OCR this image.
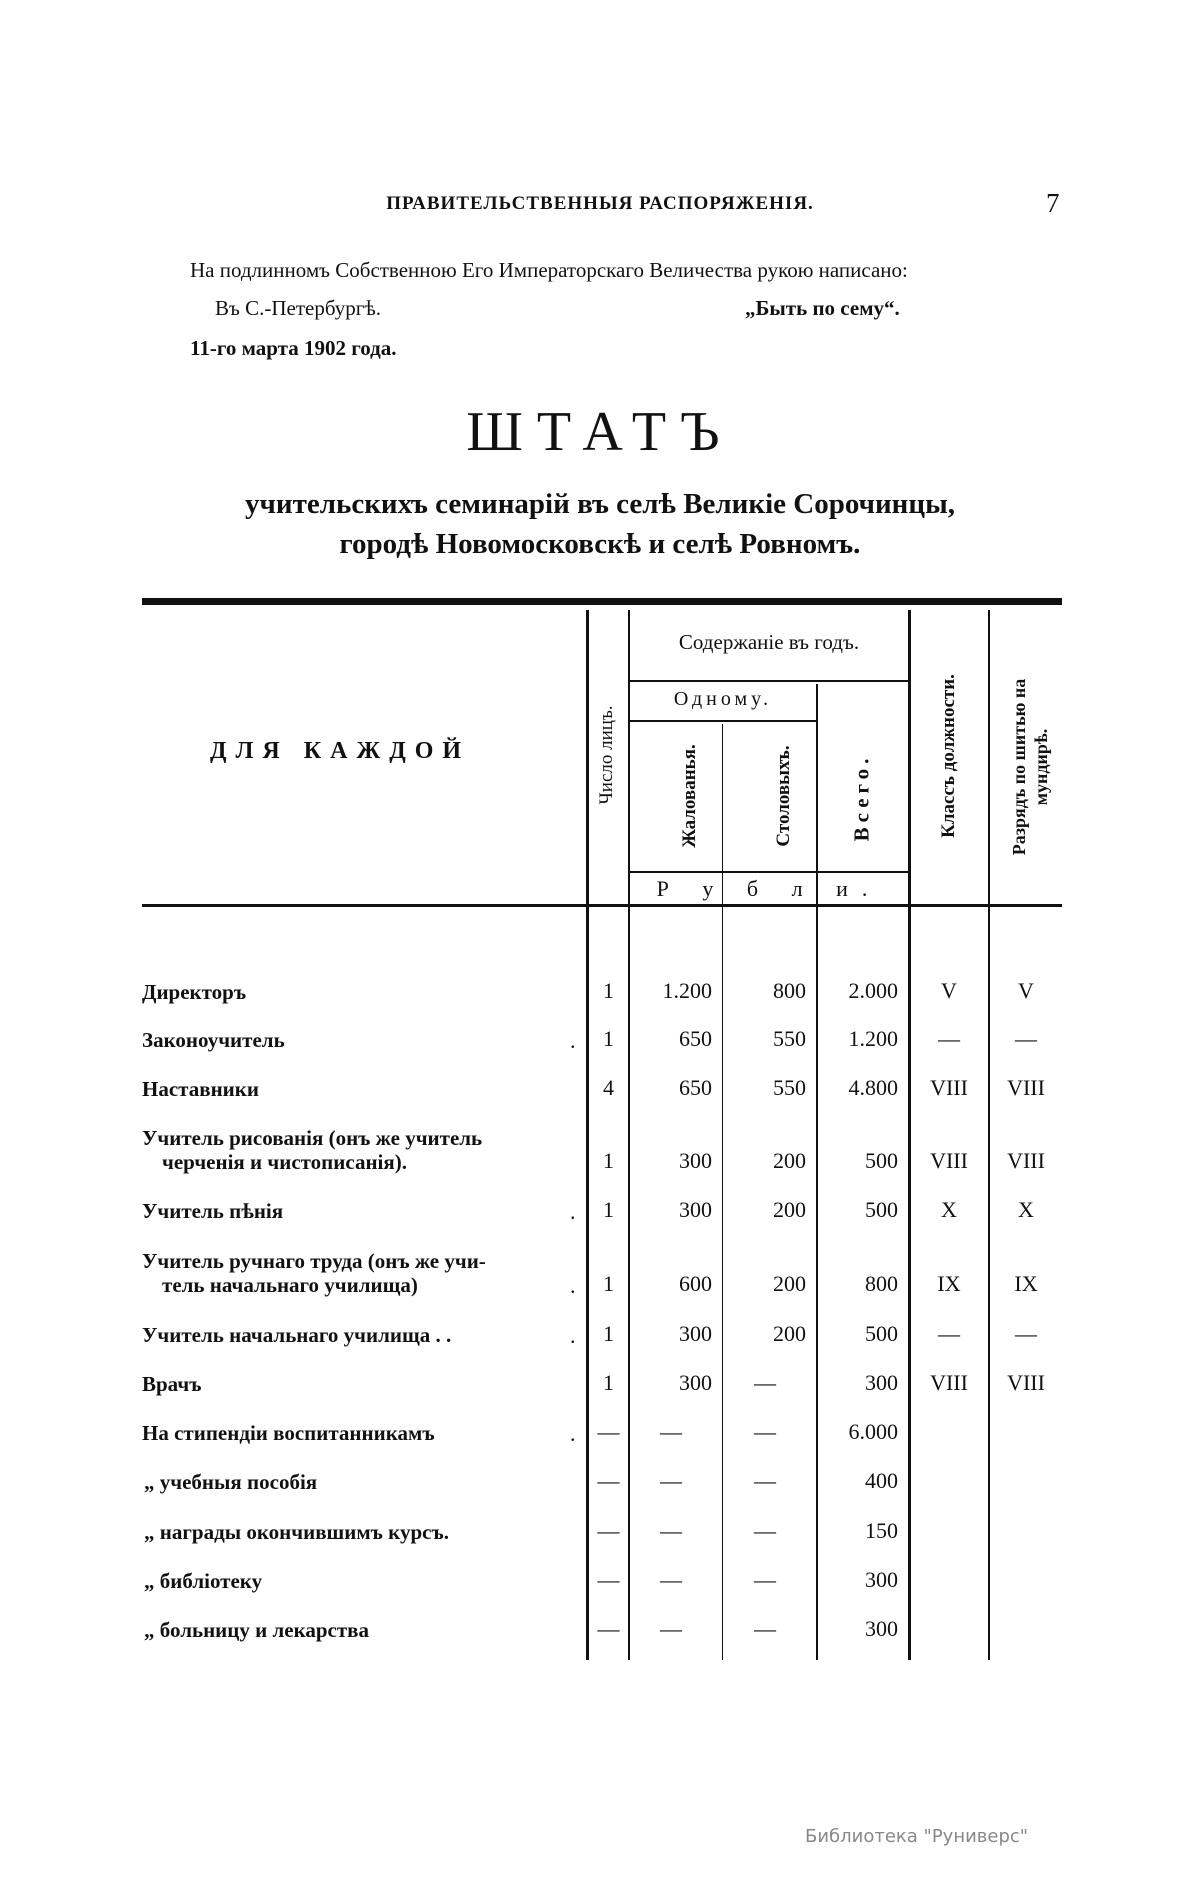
ПРАВИТЕЛЬСТВЕННЫЯ РАСПОРЯЖЕНІЯ.	7
На подлинномъ Собственною Его Императорскаго Величества рукою написано:
Въ С.-Петербургѣ.	„Быть по сему“.
11-го марта 1902 года.
ШТАТЪ
учительскихъ семинарій въ селѣ Великіе Сорочинцы,
городѣ Новомосковскѣ и селѣ Ровномъ.
ДЛЯ КАЖДОЙ	Число лицъ.
Содержаніе въ годъ.
Одному.
Жалованья.	Столовыхъ.	Всего.
Р у б л и.
Классъ должности.	Разрядъ по шитью на мундирѣ.
Директоръ	1	1.200	800	2.000	V	V
Законоучитель	.	1	650	550	1.200	—	—
Наставники	4	650	550	4.800	VIII	VIII
Учитель рисованія (онъ же учитель
черченія и чистописанія).	1	300	200	500	VIII	VIII
Учитель пѣнія	.	1	300	200	500	X	X
Учитель ручнаго труда (онъ же учи-
тель начальнаго училища)	.	1	600	200	800	IX	IX
Учитель начальнаго училища . .	.	1	300	200	500	—	—
Врачъ	1	300	—	300	VIII	VIII
На стипендіи воспитанникамъ	.	—	—	—	6.000
„ учебныя пособія	—	—	—	400
„ награды окончившимъ курсъ.	—	—	—	150
„ библіотеку	—	—	—	300
„ больницу и лекарства	—	—	—	300
Библиотека "Руниверс"
